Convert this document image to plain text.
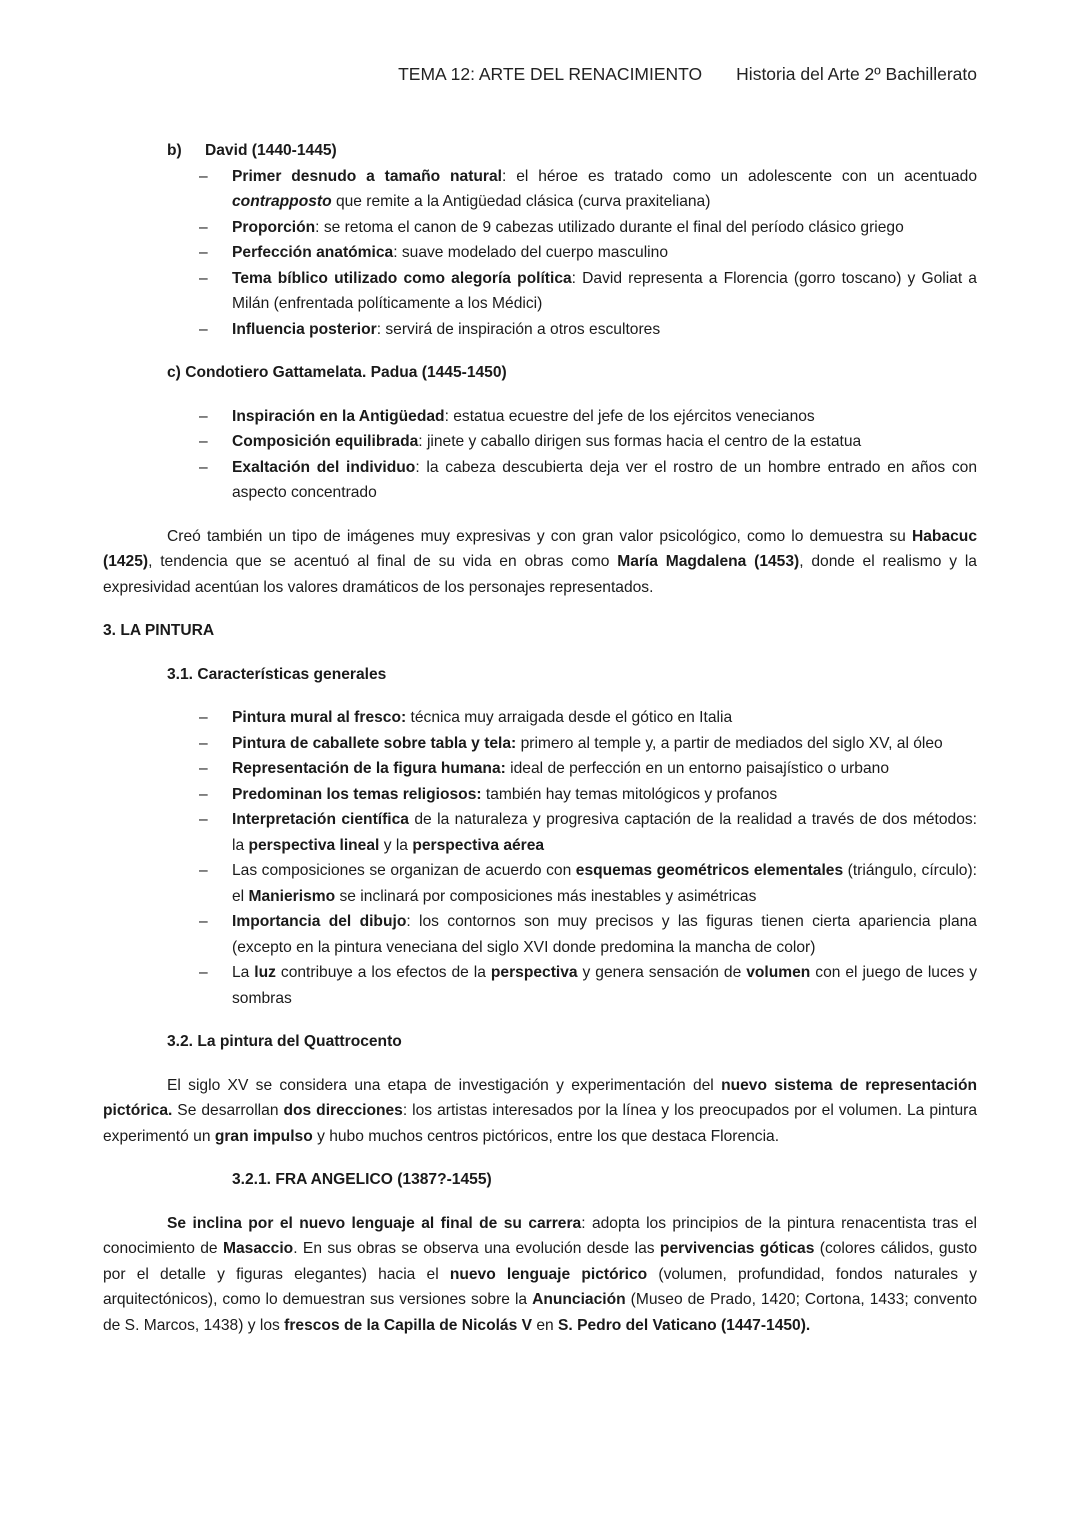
TEMA 12: ARTE DEL RENACIMIENTO Historia del Arte 2º Bachillerato
b) David (1440-1445)
– Primer desnudo a tamaño natural: el héroe es tratado como un adolescente con un acentuado contrapposto que remite a la Antigüedad clásica (curva praxiteliana)
– Proporción: se retoma el canon de 9 cabezas utilizado durante el final del período clásico griego
– Perfección anatómica: suave modelado del cuerpo masculino
– Tema bíblico utilizado como alegoría política: David representa a Florencia (gorro toscano) y Goliat a Milán (enfrentada políticamente a los Médici)
– Influencia posterior: servirá de inspiración a otros escultores
c) Condotiero Gattamelata. Padua (1445-1450)
– Inspiración en la Antigüedad: estatua ecuestre del jefe de los ejércitos venecianos
– Composición equilibrada: jinete y caballo dirigen sus formas hacia el centro de la estatua
– Exaltación del individuo: la cabeza descubierta deja ver el rostro de un hombre entrado en años con aspecto concentrado

Creó también un tipo de imágenes muy expresivas y con gran valor psicológico, como lo demuestra su Habacuc (1425), tendencia que se acentuó al final de su vida en obras como María Magdalena (1453), donde el realismo y la expresividad acentúan los valores dramáticos de los personajes representados.

3. LA PINTURA
3.1. Características generales
– Pintura mural al fresco: técnica muy arraigada desde el gótico en Italia
– Pintura de caballete sobre tabla y tela: primero al temple y, a partir de mediados del siglo XV, al óleo
– Representación de la figura humana: ideal de perfección en un entorno paisajístico o urbano
– Predominan los temas religiosos: también hay temas mitológicos y profanos
– Interpretación científica de la naturaleza y progresiva captación de la realidad a través de dos métodos: la perspectiva lineal y la perspectiva aérea
– Las composiciones se organizan de acuerdo con esquemas geométricos elementales (triángulo, círculo): el Manierismo se inclinará por composiciones más inestables y asimétricas
– Importancia del dibujo: los contornos son muy precisos y las figuras tienen cierta apariencia plana (excepto en la pintura veneciana del siglo XVI donde predomina la mancha de color)
– La luz contribuye a los efectos de la perspectiva y genera sensación de volumen con el juego de luces y sombras
3.2. La pintura del Quattrocento

El siglo XV se considera una etapa de investigación y experimentación del nuevo sistema de representación pictórica. Se desarrollan dos direcciones: los artistas interesados por la línea y los preocupados por el volumen. La pintura experimentó un gran impulso y hubo muchos centros pictóricos, entre los que destaca Florencia.

3.2.1. FRA ANGELICO (1387?-1455)

Se inclina por el nuevo lenguaje al final de su carrera: adopta los principios de la pintura renacentista tras el conocimiento de Masaccio. En sus obras se observa una evolución desde las pervivencias góticas (colores cálidos, gusto por el detalle y figuras elegantes) hacia el nuevo lenguaje pictórico (volumen, profundidad, fondos naturales y arquitectónicos), como lo demuestran sus versiones sobre la Anunciación (Museo de Prado, 1420; Cortona, 1433; convento de S. Marcos, 1438) y los frescos de la Capilla de Nicolás V en S. Pedro del Vaticano (1447-1450).
